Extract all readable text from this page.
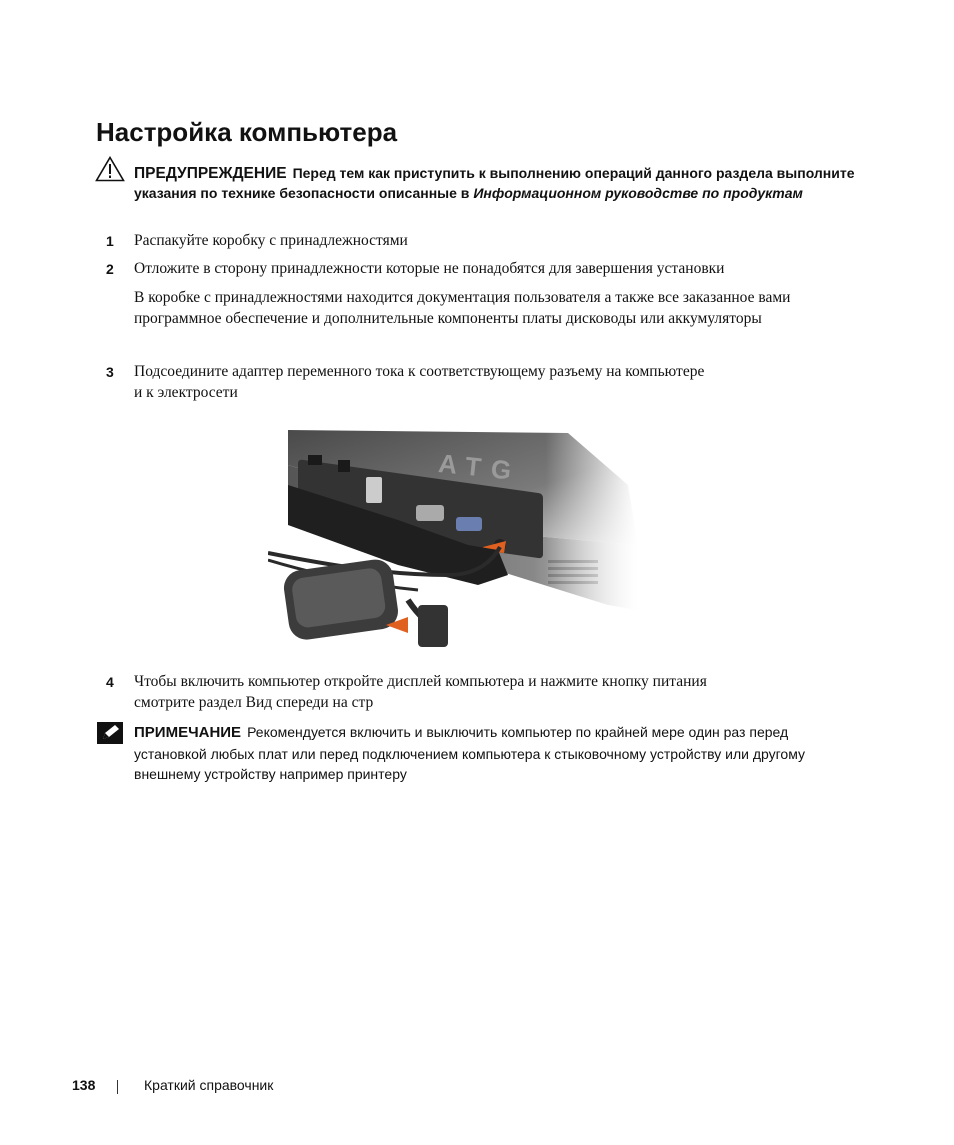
Настройка компьютера
ПРЕДУПРЕЖДЕНИЕ Перед тем как приступить к выполнению операций данного раздела выполните указания по технике безопасности описанные в Информационном руководстве по продуктам
1 Распакуйте коробку с принадлежностями
2 Отложите в сторону принадлежности которые не понадобятся для завершения установки
В коробке с принадлежностями находится документация пользователя а также все заказанное вами программное обеспечение и дополнительные компоненты платы дисководы или аккумуляторы
3 Подсоедините адаптер переменного тока к соответствующему разъему на компьютере
и к электросети
4 Чтобы включить компьютер откройте дисплей компьютера и нажмите кнопку питания
смотрите раздел Вид спереди на стр
ПРИМЕЧАНИЕ Рекомендуется включить и выключить компьютер по крайней мере один раз перед установкой любых плат или перед подключением компьютера к стыковочному устройству или другому внешнему устройству например принтеру
138	Краткий справочник
